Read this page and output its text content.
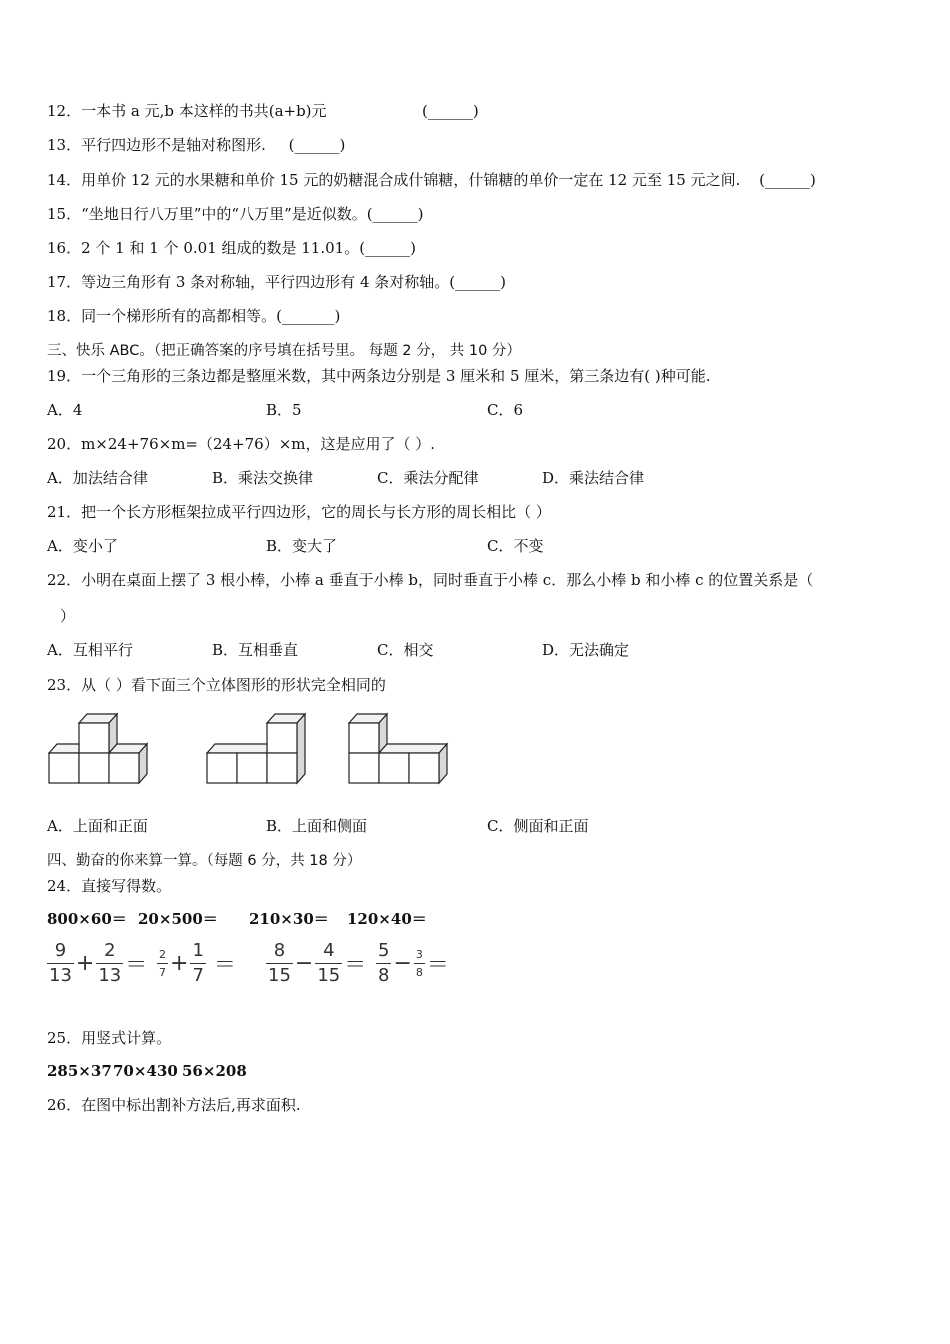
12．一本书 a 元,b 本这样的书共(a+b)元	(______)
13．平行四边形不是轴对称图形. (______)
14．用单价 12 元的水果糖和单价 15 元的奶糖混合成什锦糖，什锦糖的单价一定在 12 元至 15 元之间. (______)
15．“坐地日行八万里”中的“八万里”是近似数。(______)
16．2 个 1 和 1 个 0.01 组成的数是 11.01。(______)
17．等边三角形有 3 条对称轴，平行四边形有 4 条对称轴。(______)
18．同一个梯形所有的高都相等。(_______)
三、快乐 ABC。（把正确答案的序号填在括号里。 每题 2 分， 共 10 分）
19．一个三角形的三条边都是整厘米数，其中两条边分别是 3 厘米和 5 厘米，第三条边有( )种可能.
A．4	B．5	C．6
20．m×24+76×m=（24+76）×m，这是应用了（ ）.
A．加法结合律	B．乘法交换律	C．乘法分配律	D．乘法结合律
21．把一个长方形框架拉成平行四边形，它的周长与长方形的周长相比（ ）
A．变小了	B．变大了	C．不变
22．小明在桌面上摆了 3 根小棒，小棒 a 垂直于小棒 b，同时垂直于小棒 c．那么小棒 b 和小棒 c 的位置关系是（
）
A．互相平行	B．互相垂直	C．相交	D．无法确定
23．从（ ）看下面三个立体图形的形状完全相同的
A．上面和正面	B．上面和侧面	C．侧面和正面
四、勤奋的你来算一算。（每题 6 分，共 18 分）
24．直接写得数。
800×60＝ 20×500＝ 210×30＝ 120×40＝
$\frac{9}{13} + \frac{2}{13} = \frac{2}{7} + \frac{1}{7} = \frac{8}{15} - \frac{4}{15} = \frac{5}{8} - \frac{3}{8}$ ＝
25．用竖式计算。
285×37 70×430 56×208
26．在图中标出割补方法后,再求面积.
